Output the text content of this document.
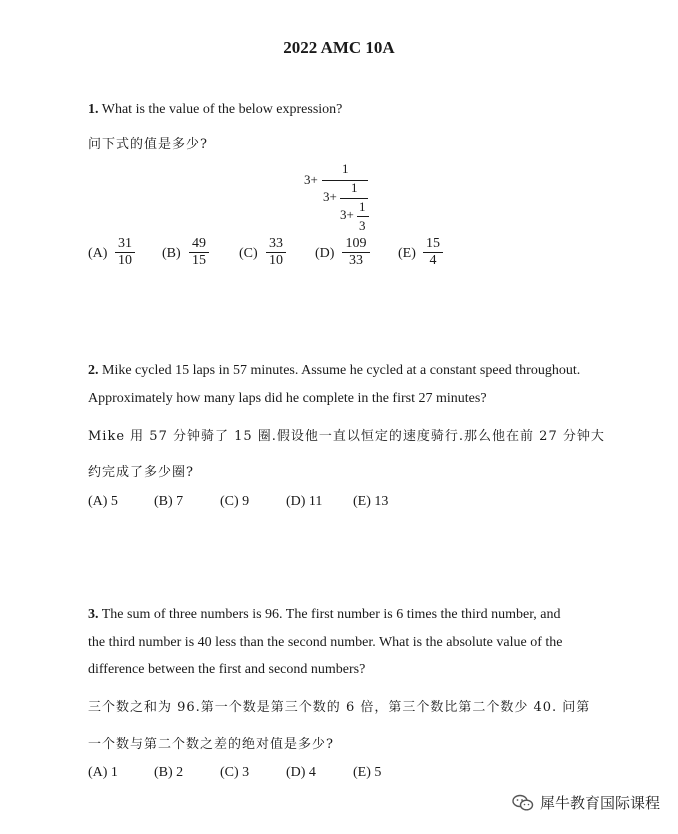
2022 AMC 10A
1. What is the value of the below expression?
问下式的值是多少?
3+
1
3+
1
3+
1
3
(A)
31
10 (B)
49
15 (C)
33
10 (D)
109
33	(E)
15
4
2. Mike cycled 15 laps in 57 minutes. Assume he cycled at a constant speed throughout.
Approximately how many laps did he complete in the first 27 minutes?
Mike 用 57 分钟骑了 15 圈.假设他一直以恒定的速度骑行.那么他在前 27 分钟大
约完成了多少圈?
(A) 5	(B) 7	(C) 9	(D) 11 (E) 13
3. The sum of three numbers is 96. The first number is 6 times the third number, and
the third number is 40 less than the second number. What is the absolute value of the
difference between the first and second numbers?
三个数之和为 96.第一个数是第三个数的 6 倍，第三个数比第二个数少 40. 问第
一个数与第二个数之差的绝对值是多少?
(A) 1	(B) 2	(C) 3	(D) 4	(E) 5
犀牛教育国际课程
